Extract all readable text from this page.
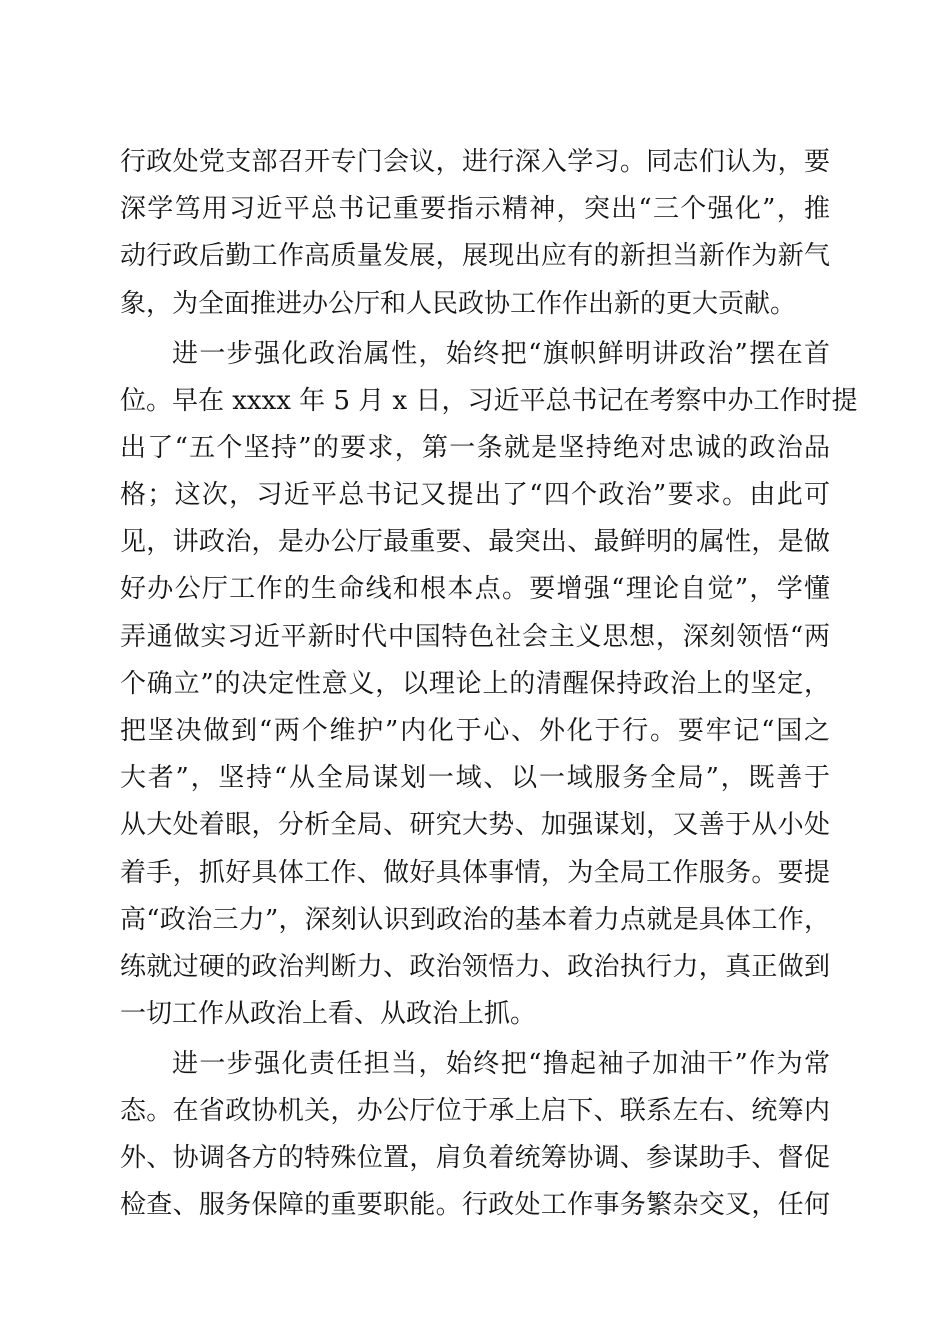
行政处党支部召开专门会议，进行深入学习。同志们认为，要
深学笃用习近平总书记重要指示精神，突出“三个强化”，推
动行政后勤工作高质量发展，展现出应有的新担当新作为新气
象，为全面推进办公厅和人民政协工作作出新的更大贡献。
进一步强化政治属性，始终把“旗帜鲜明讲政治”摆在首
位。早在 xxxx 年 5 月 x 日，习近平总书记在考察中办工作时提
出了“五个坚持”的要求，第一条就是坚持绝对忠诚的政治品
格；这次，习近平总书记又提出了“四个政治”要求。由此可
见，讲政治，是办公厅最重要、最突出、最鲜明的属性，是做
好办公厅工作的生命线和根本点。要增强“理论自觉”，学懂
弄通做实习近平新时代中国特色社会主义思想，深刻领悟“两
个确立”的决定性意义，以理论上的清醒保持政治上的坚定，
把坚决做到“两个维护”内化于心、外化于行。要牢记“国之
大者”，坚持“从全局谋划一域、以一域服务全局”，既善于
从大处着眼，分析全局、研究大势、加强谋划，又善于从小处
着手，抓好具体工作、做好具体事情，为全局工作服务。要提
高“政治三力”，深刻认识到政治的基本着力点就是具体工作，
练就过硬的政治判断力、政治领悟力、政治执行力，真正做到
一切工作从政治上看、从政治上抓。
进一步强化责任担当，始终把“撸起袖子加油干”作为常
态。在省政协机关，办公厅位于承上启下、联系左右、统筹内
外、协调各方的特殊位置，肩负着统筹协调、参谋助手、督促
检查、服务保障的重要职能。行政处工作事务繁杂交叉，任何
